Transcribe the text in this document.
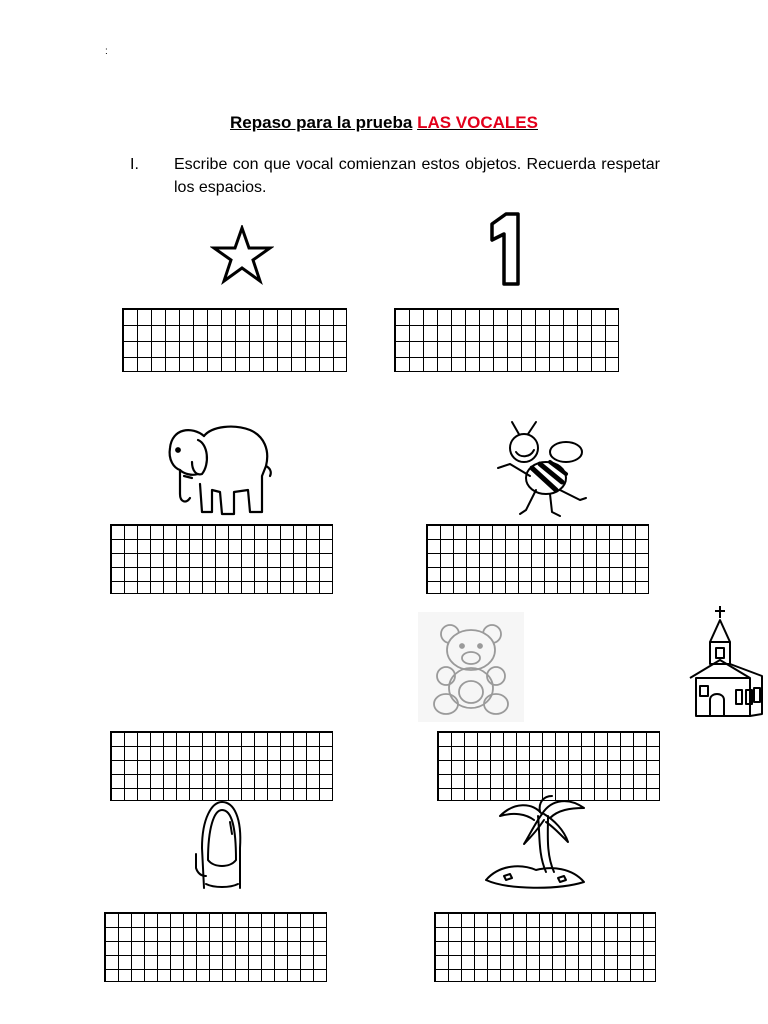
:
Repaso para la prueba LAS VOCALES
I. Escribe con que vocal comienzan estos objetos. Recuerda respetar los espacios.
